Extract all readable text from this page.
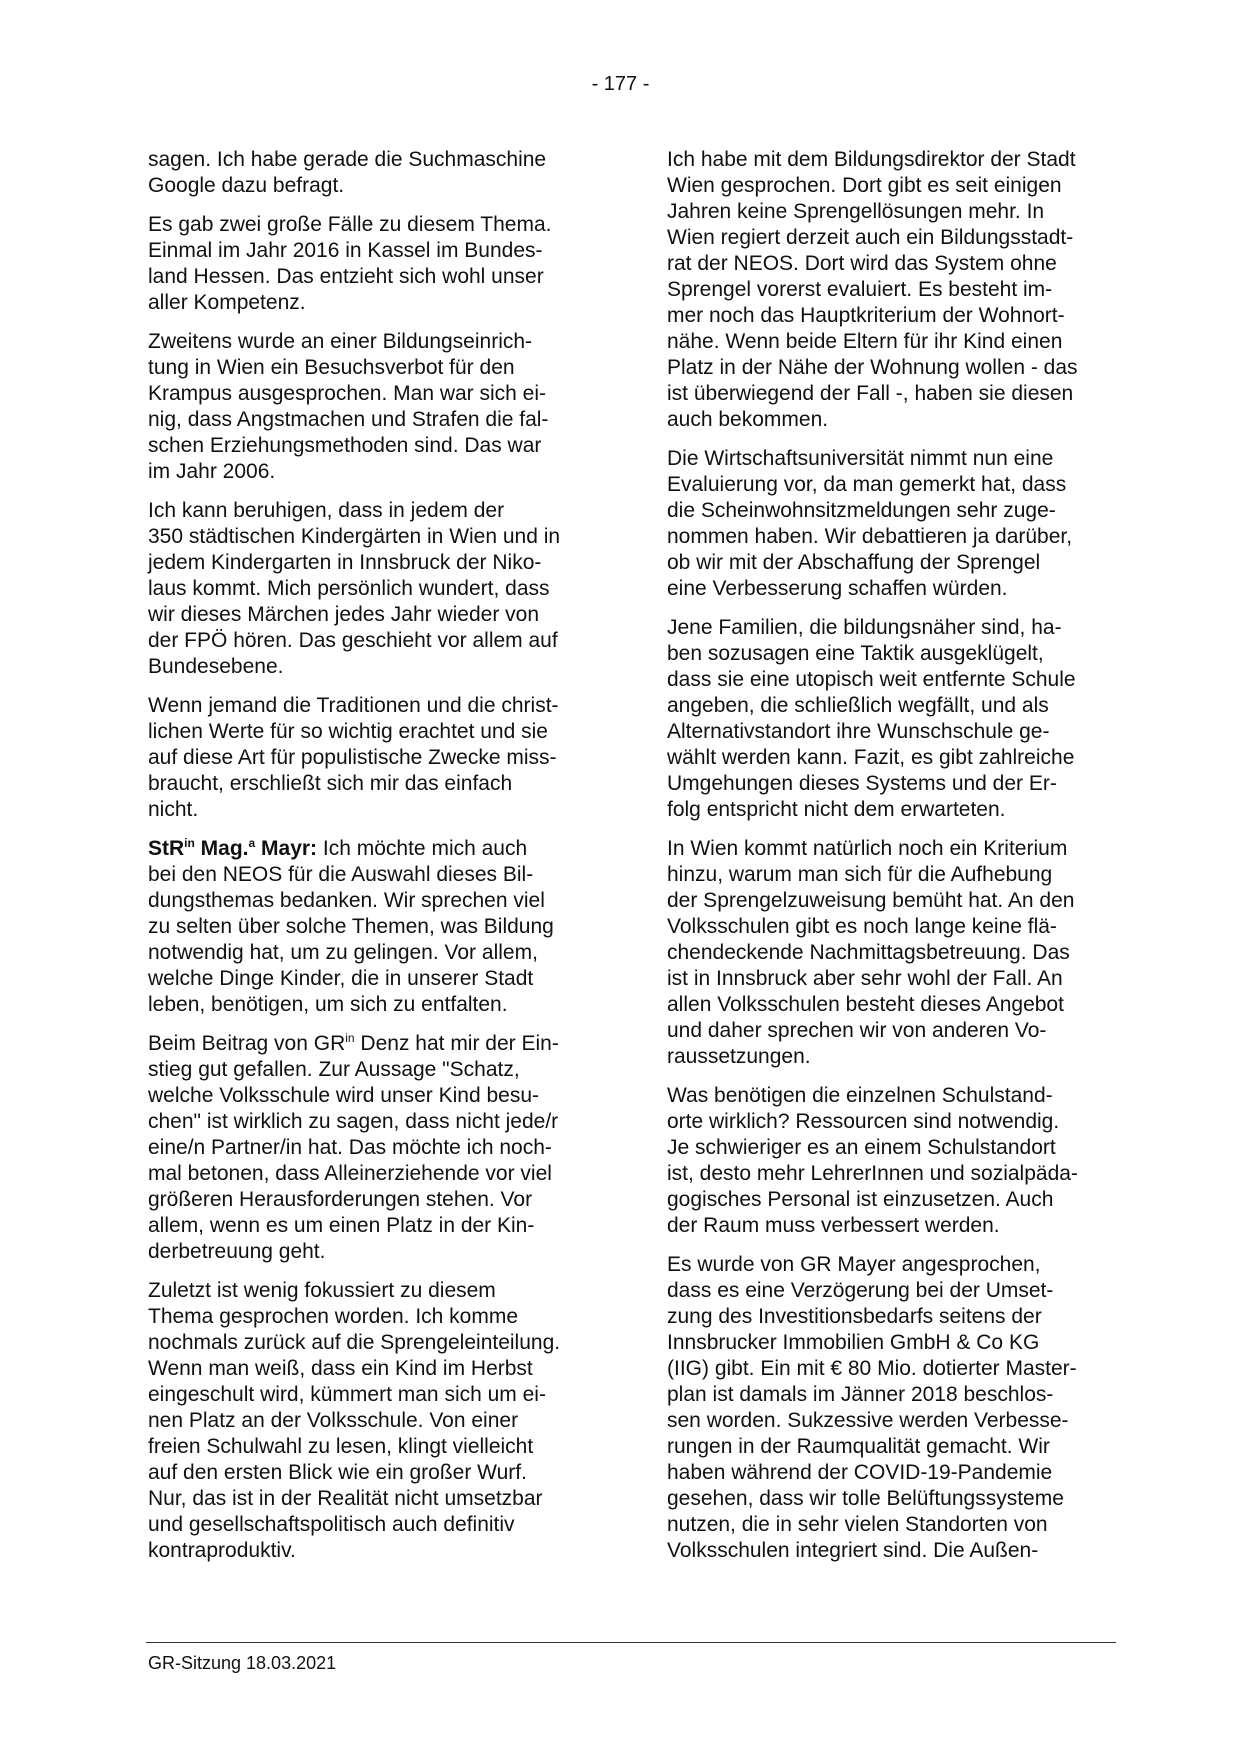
- 177 -

sagen. Ich habe gerade die Suchmaschine
Google dazu befragt.

Es gab zwei große Fälle zu diesem Thema.
Einmal im Jahr 2016 in Kassel im Bundes-
land Hessen. Das entzieht sich wohl unser
aller Kompetenz.

Zweitens wurde an einer Bildungseinrich-
tung in Wien ein Besuchsverbot für den
Krampus ausgesprochen. Man war sich ei-
nig, dass Angstmachen und Strafen die fal-
schen Erziehungsmethoden sind. Das war
im Jahr 2006.

Ich kann beruhigen, dass in jedem der
350 städtischen Kindergärten in Wien und in
jedem Kindergarten in Innsbruck der Niko-
laus kommt. Mich persönlich wundert, dass
wir dieses Märchen jedes Jahr wieder von
der FPÖ hören. Das geschieht vor allem auf
Bundesebene.

Wenn jemand die Traditionen und die christ-
lichen Werte für so wichtig erachtet und sie
auf diese Art für populistische Zwecke miss-
braucht, erschließt sich mir das einfach
nicht.

StR$^{in}$ Mag.$^a$ Mayr: Ich möchte mich auch
bei den NEOS für die Auswahl dieses Bil-
dungsthemas bedanken. Wir sprechen viel
zu selten über solche Themen, was Bildung
notwendig hat, um zu gelingen. Vor allem,
welche Dinge Kinder, die in unserer Stadt
leben, benötigen, um sich zu entfalten.

Beim Beitrag von $GR^{in}$ Denz hat mir der Ein-
stieg gut gefallen. Zur Aussage "Schatz,
welche Volksschule wird unser Kind besu-
chen" ist wirklich zu sagen, dass nicht jede/r
eine/n Partner/in hat. Das möchte ich noch-
mal betonen, dass Alleinerziehende vor viel
größeren Herausforderungen stehen. Vor
allem, wenn es um einen Platz in der Kin-
derbetreuung geht.

Zuletzt ist wenig fokussiert zu diesem
Thema gesprochen worden. Ich komme
nochmals zurück auf die Sprengeleinteilung.
Wenn man weiß, dass ein Kind im Herbst
eingeschult wird, kümmert man sich um ei-
nen Platz an der Volksschule. Von einer
freien Schulwahl zu lesen, klingt vielleicht
auf den ersten Blick wie ein großer Wurf.
Nur, das ist in der Realität nicht umsetzbar
und gesellschaftspolitisch auch definitiv
kontraproduktiv.

Ich habe mit dem Bildungsdirektor der Stadt
Wien gesprochen. Dort gibt es seit einigen
Jahren keine Sprengellösungen mehr. In
Wien regiert derzeit auch ein Bildungsstadt-
rat der NEOS. Dort wird das System ohne
Sprengel vorerst evaluiert. Es besteht im-
mer noch das Hauptkriterium der Wohnort-
nähe. Wenn beide Eltern für ihr Kind einen
Platz in der Nähe der Wohnung wollen - das
ist überwiegend der Fall -, haben sie diesen
auch bekommen.

Die Wirtschaftsuniversität nimmt nun eine
Evaluierung vor, da man gemerkt hat, dass
die Scheinwohnsitzmeldungen sehr zuge-
nommen haben. Wir debattieren ja darüber,
ob wir mit der Abschaffung der Sprengel
eine Verbesserung schaffen würden.

Jene Familien, die bildungsnäher sind, ha-
ben sozusagen eine Taktik ausgeklügelt,
dass sie eine utopisch weit entfernte Schule
angeben, die schließlich wegfällt, und als
Alternativstandort ihre Wunschschule ge-
wählt werden kann. Fazit, es gibt zahlreiche
Umgehungen dieses Systems und der Er-
folg entspricht nicht dem erwarteten.

In Wien kommt natürlich noch ein Kriterium
hinzu, warum man sich für die Aufhebung
der Sprengelzuweisung bemüht hat. An den
Volksschulen gibt es noch lange keine flä-
chendeckende Nachmittagsbetreuung. Das
ist in Innsbruck aber sehr wohl der Fall. An
allen Volksschulen besteht dieses Angebot
und daher sprechen wir von anderen Vo-
raussetzungen.

Was benötigen die einzelnen Schulstand-
orte wirklich? Ressourcen sind notwendig.
Je schwieriger es an einem Schulstandort
ist, desto mehr LehrerInnen und sozialpäda-
gogisches Personal ist einzusetzen. Auch
der Raum muss verbessert werden.

Es wurde von GR Mayer angesprochen,
dass es eine Verzögerung bei der Umset-
zung des Investitionsbedarfs seitens der
Innsbrucker Immobilien GmbH & Co KG
(IIG) gibt. Ein mit € 80 Mio. dotierter Master-
plan ist damals im Jänner 2018 beschlos-
sen worden. Sukzessive werden Verbesse-
rungen in der Raumqualität gemacht. Wir
haben während der COVID-19-Pandemie
gesehen, dass wir tolle Belüftungssysteme
nutzen, die in sehr vielen Standorten von
Volksschulen integriert sind. Die Außen-

GR-Sitzung 18.03.2021
